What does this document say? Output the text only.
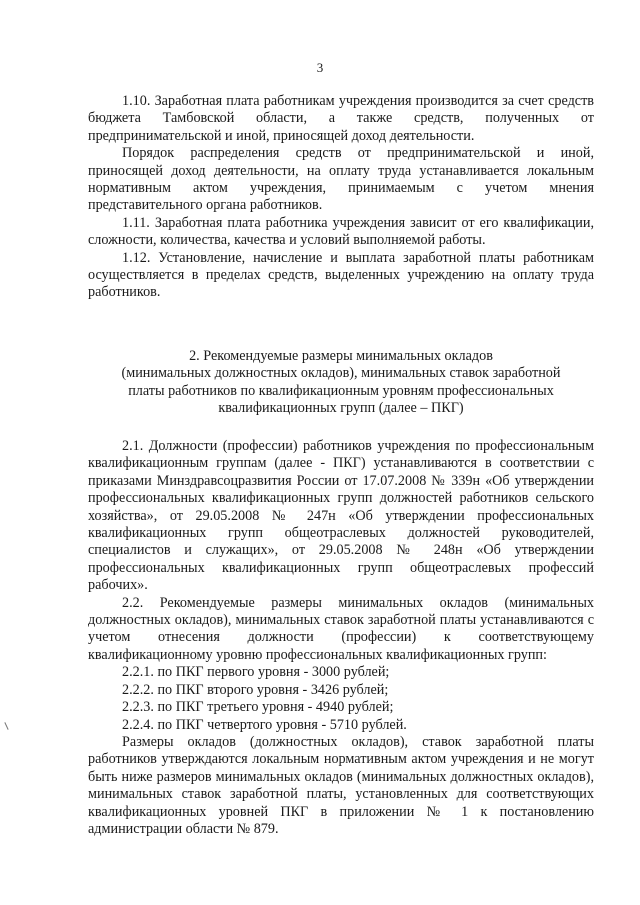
3

1.10. Заработная плата работникам учреждения производится за счет средств бюджета Тамбовской области, а также средств, полученных от предпринимательской и иной, приносящей доход деятельности.

Порядок распределения средств от предпринимательской и иной, приносящей доход деятельности, на оплату труда устанавливается локальным нормативным актом учреждения, принимаемым с учетом мнения представительного органа работников.

1.11. Заработная плата работника учреждения зависит от его квалификации, сложности, количества, качества и условий выполняемой работы.

1.12. Установление, начисление и выплата заработной платы работникам осуществляется в пределах средств, выделенных учреждению на оплату труда работников.

2. Рекомендуемые размеры минимальных окладов

(минимальных должностных окладов), минимальных ставок заработной

платы работников по квалификационным уровням профессиональных

квалификационных групп (далее – ПКГ)

2.1. Должности (профессии) работников учреждения по профессиональным квалификационным группам (далее - ПКГ) устанавливаются в соответствии с приказами Минздравсоцразвития России от 17.07.2008 № 339н «Об утверждении профессиональных квалификационных групп должностей работников сельского хозяйства», от 29.05.2008 № 247н «Об утверждении профессиональных квалификационных групп общеотраслевых должностей руководителей, специалистов и служащих», от 29.05.2008 № 248н «Об утверждении профессиональных квалификационных групп общеотраслевых профессий рабочих».

2.2. Рекомендуемые размеры минимальных окладов (минимальных должностных окладов), минимальных ставок заработной платы устанавливаются с учетом отнесения должности (профессии) к соответствующему квалификационному уровню профессиональных квалификационных групп:

2.2.1. по ПКГ первого уровня - 3000 рублей;

2.2.2. по ПКГ второго уровня - 3426 рублей;

2.2.3. по ПКГ третьего уровня - 4940 рублей;

2.2.4. по ПКГ четвертого уровня - 5710 рублей.

Размеры окладов (должностных окладов), ставок заработной платы работников утверждаются локальным нормативным актом учреждения и не могут быть ниже размеров минимальных окладов (минимальных должностных окладов), минимальных ставок заработной платы, установленных для соответствующих квалификационных уровней ПКГ в приложении № 1 к постановлению администрации области № 879.
